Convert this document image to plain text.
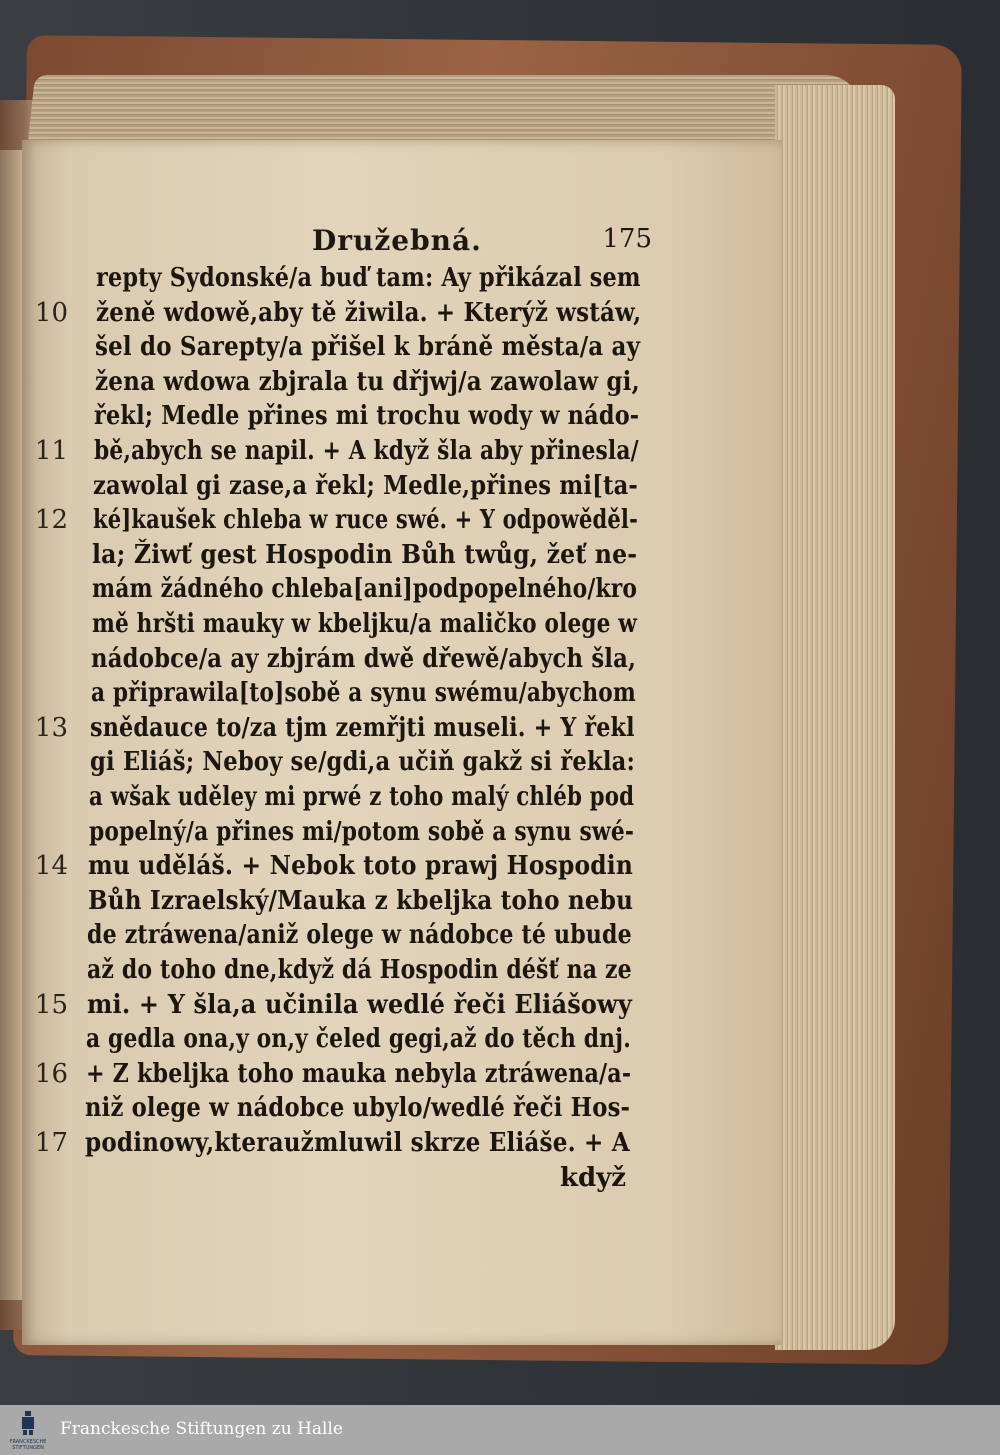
Družebná.	175
repty Sydonské/a buď tam: Ay přikázal sem
10 ženě wdowě,aby tě žiwila. + Kterýž wstáw,
šel do Sarepty/a přišel k bráně města/a ay
žena wdowa zbjrala tu dřjwj/a zawolaw gi,
řekl; Medle přines mi trochu wody w nádo-
11 bě,abych se napil. + A když šla aby přinesla/
zawolal gi zase,a řekl; Medle,přines mi[ta-
12 ké]kaušek chleba w ruce swé. + Y odpowěděl-
la; Žiwť gest Hospodin Bůh twůg, žeť ne-
mám žádného chleba[ani]podpopelného/kro
mě hršti mauky w kbeljku/a maličko olege w
nádobce/a ay zbjrám dwě dřewě/abych šla,
a připrawila[to]sobě a synu swému/abychom
13 snědauce to/za tjm zemřjti museli. + Y řekl
gi Eliáš; Neboy se/gdi,a učiň gakž si řekla:
a wšak uděley mi prwé z toho malý chléb pod
popelný/a přines mi/potom sobě a synu swé-
14 mu uděláš. + Nebok toto prawj Hospodin
Bůh Izraelský/Mauka z kbeljka toho nebu
de ztráwena/aniž olege w nádobce té ubude
až do toho dne,když dá Hospodin déšť na ze
15 mi. + Y šla,a učinila wedlé řeči Eliášowy
a gedla ona,y on,y čeled gegi,až do těch dnj.
16 + Z kbeljka toho mauka nebyla ztráwena/a-
niž olege w nádobce ubylo/wedlé řeči Hos-
17 podinowy,kteraužmluwil skrze Eliáše. + A
když
FRANCKESCHE STIFTUNGEN
Franckesche Stiftungen zu Halle
